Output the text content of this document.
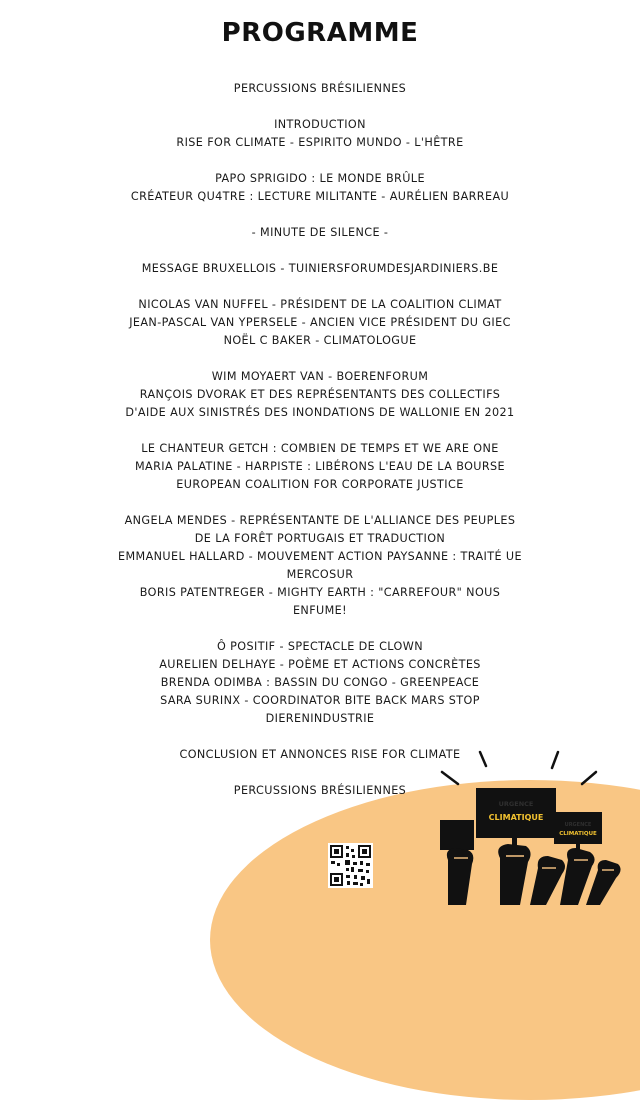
PROGRAMME
PERCUSSIONS BRÉSILIENNES
INTRODUCTION
RISE FOR CLIMATE - ESPIRITO MUNDO - L'HÊTRE
PAPO SPRIGIDO : LE MONDE BRÛLE
CRÉATEUR QU4TRE : LECTURE MILITANTE - AURÉLIEN BARREAU
- MINUTE DE SILENCE -
MESSAGE BRUXELLOIS - TUINIERSFORUMDESJARDINIERS.BE
NICOLAS VAN NUFFEL - PRÉSIDENT DE LA COALITION CLIMAT
JEAN-PASCAL VAN YPERSELE - ANCIEN VICE PRÉSIDENT DU GIEC
NOËL C BAKER - CLIMATOLOGUE
WIM MOYAERT VAN - BOERENFORUM
RANÇOIS DVORAK ET DES REPRÉSENTANTS DES COLLECTIFS
D'AIDE AUX SINISTRÉS DES INONDATIONS DE WALLONIE EN 2021
LE CHANTEUR GETCH : COMBIEN DE TEMPS ET WE ARE ONE
MARIA PALATINE - HARPISTE : LIBÉRONS L'EAU DE LA BOURSE
EUROPEAN COALITION FOR CORPORATE JUSTICE
ANGELA MENDES - REPRÉSENTANTE DE L'ALLIANCE DES PEUPLES
DE LA FORÊT PORTUGAIS ET TRADUCTION
EMMANUEL HALLARD - MOUVEMENT ACTION PAYSANNE : TRAITÉ UE
MERCOSUR
BORIS PATENTREGER - MIGHTY EARTH : "CARREFOUR" NOUS
ENFUME!
Ô POSITIF - SPECTACLE DE CLOWN
AURELIEN DELHAYE - POÈME ET ACTIONS CONCRÈTES
BRENDA ODIMBA : BASSIN DU CONGO - GREENPEACE
SARA SURINX - COORDINATOR BITE BACK MARS STOP
DIERENINDUSTRIE
CONCLUSION ET ANNONCES RISE FOR CLIMATE
PERCUSSIONS BRÉSILIENNES
URGENCE
CLIMATIQUE
URGENCE
CLIMATIQUE
